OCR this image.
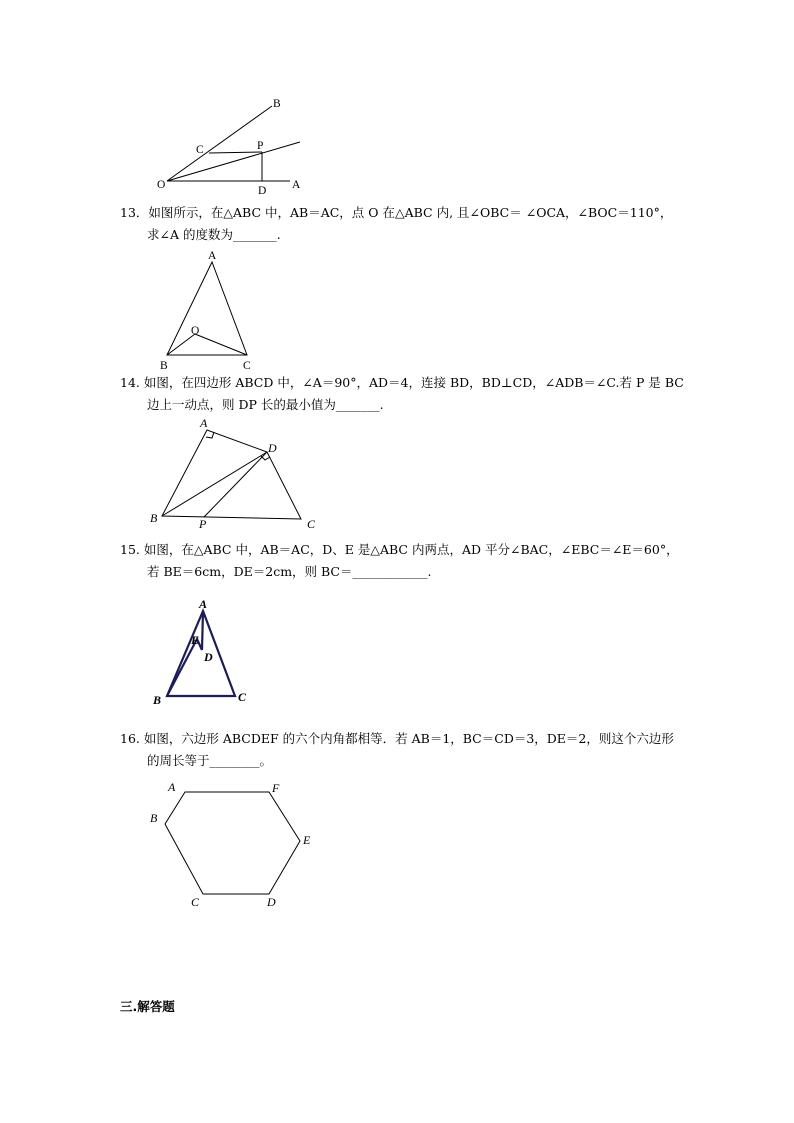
B
C	P
O	D A
13．如图所示，在△ABC 中，AB＝AC，点 O 在△ABC 内, 且∠OBC＝ ∠OCA，∠BOC＝110°，
求∠A 的度数为_______.
A
O
B	C
14. 如图，在四边形 ABCD 中，∠A＝90°，AD＝4，连接 BD，BD⊥CD，∠ADB＝∠C.若 P 是 BC
边上一动点，则 DP 长的最小值为_______.
A
D
B	P	C
15. 如图，在△ABC 中，AB＝AC，D、E 是△ABC 内两点，AD 平分∠BAC，∠EBC＝∠E＝60°，
若 BE＝6cm，DE＝2cm，则 BC＝____________.
A
E
D
B	C
16. 如图，六边形 ABCDEF 的六个内角都相等．若 AB＝1，BC＝CD＝3，DE＝2，则这个六边形
的周长等于________。
A
B
C	D
E
F
三.解答题
